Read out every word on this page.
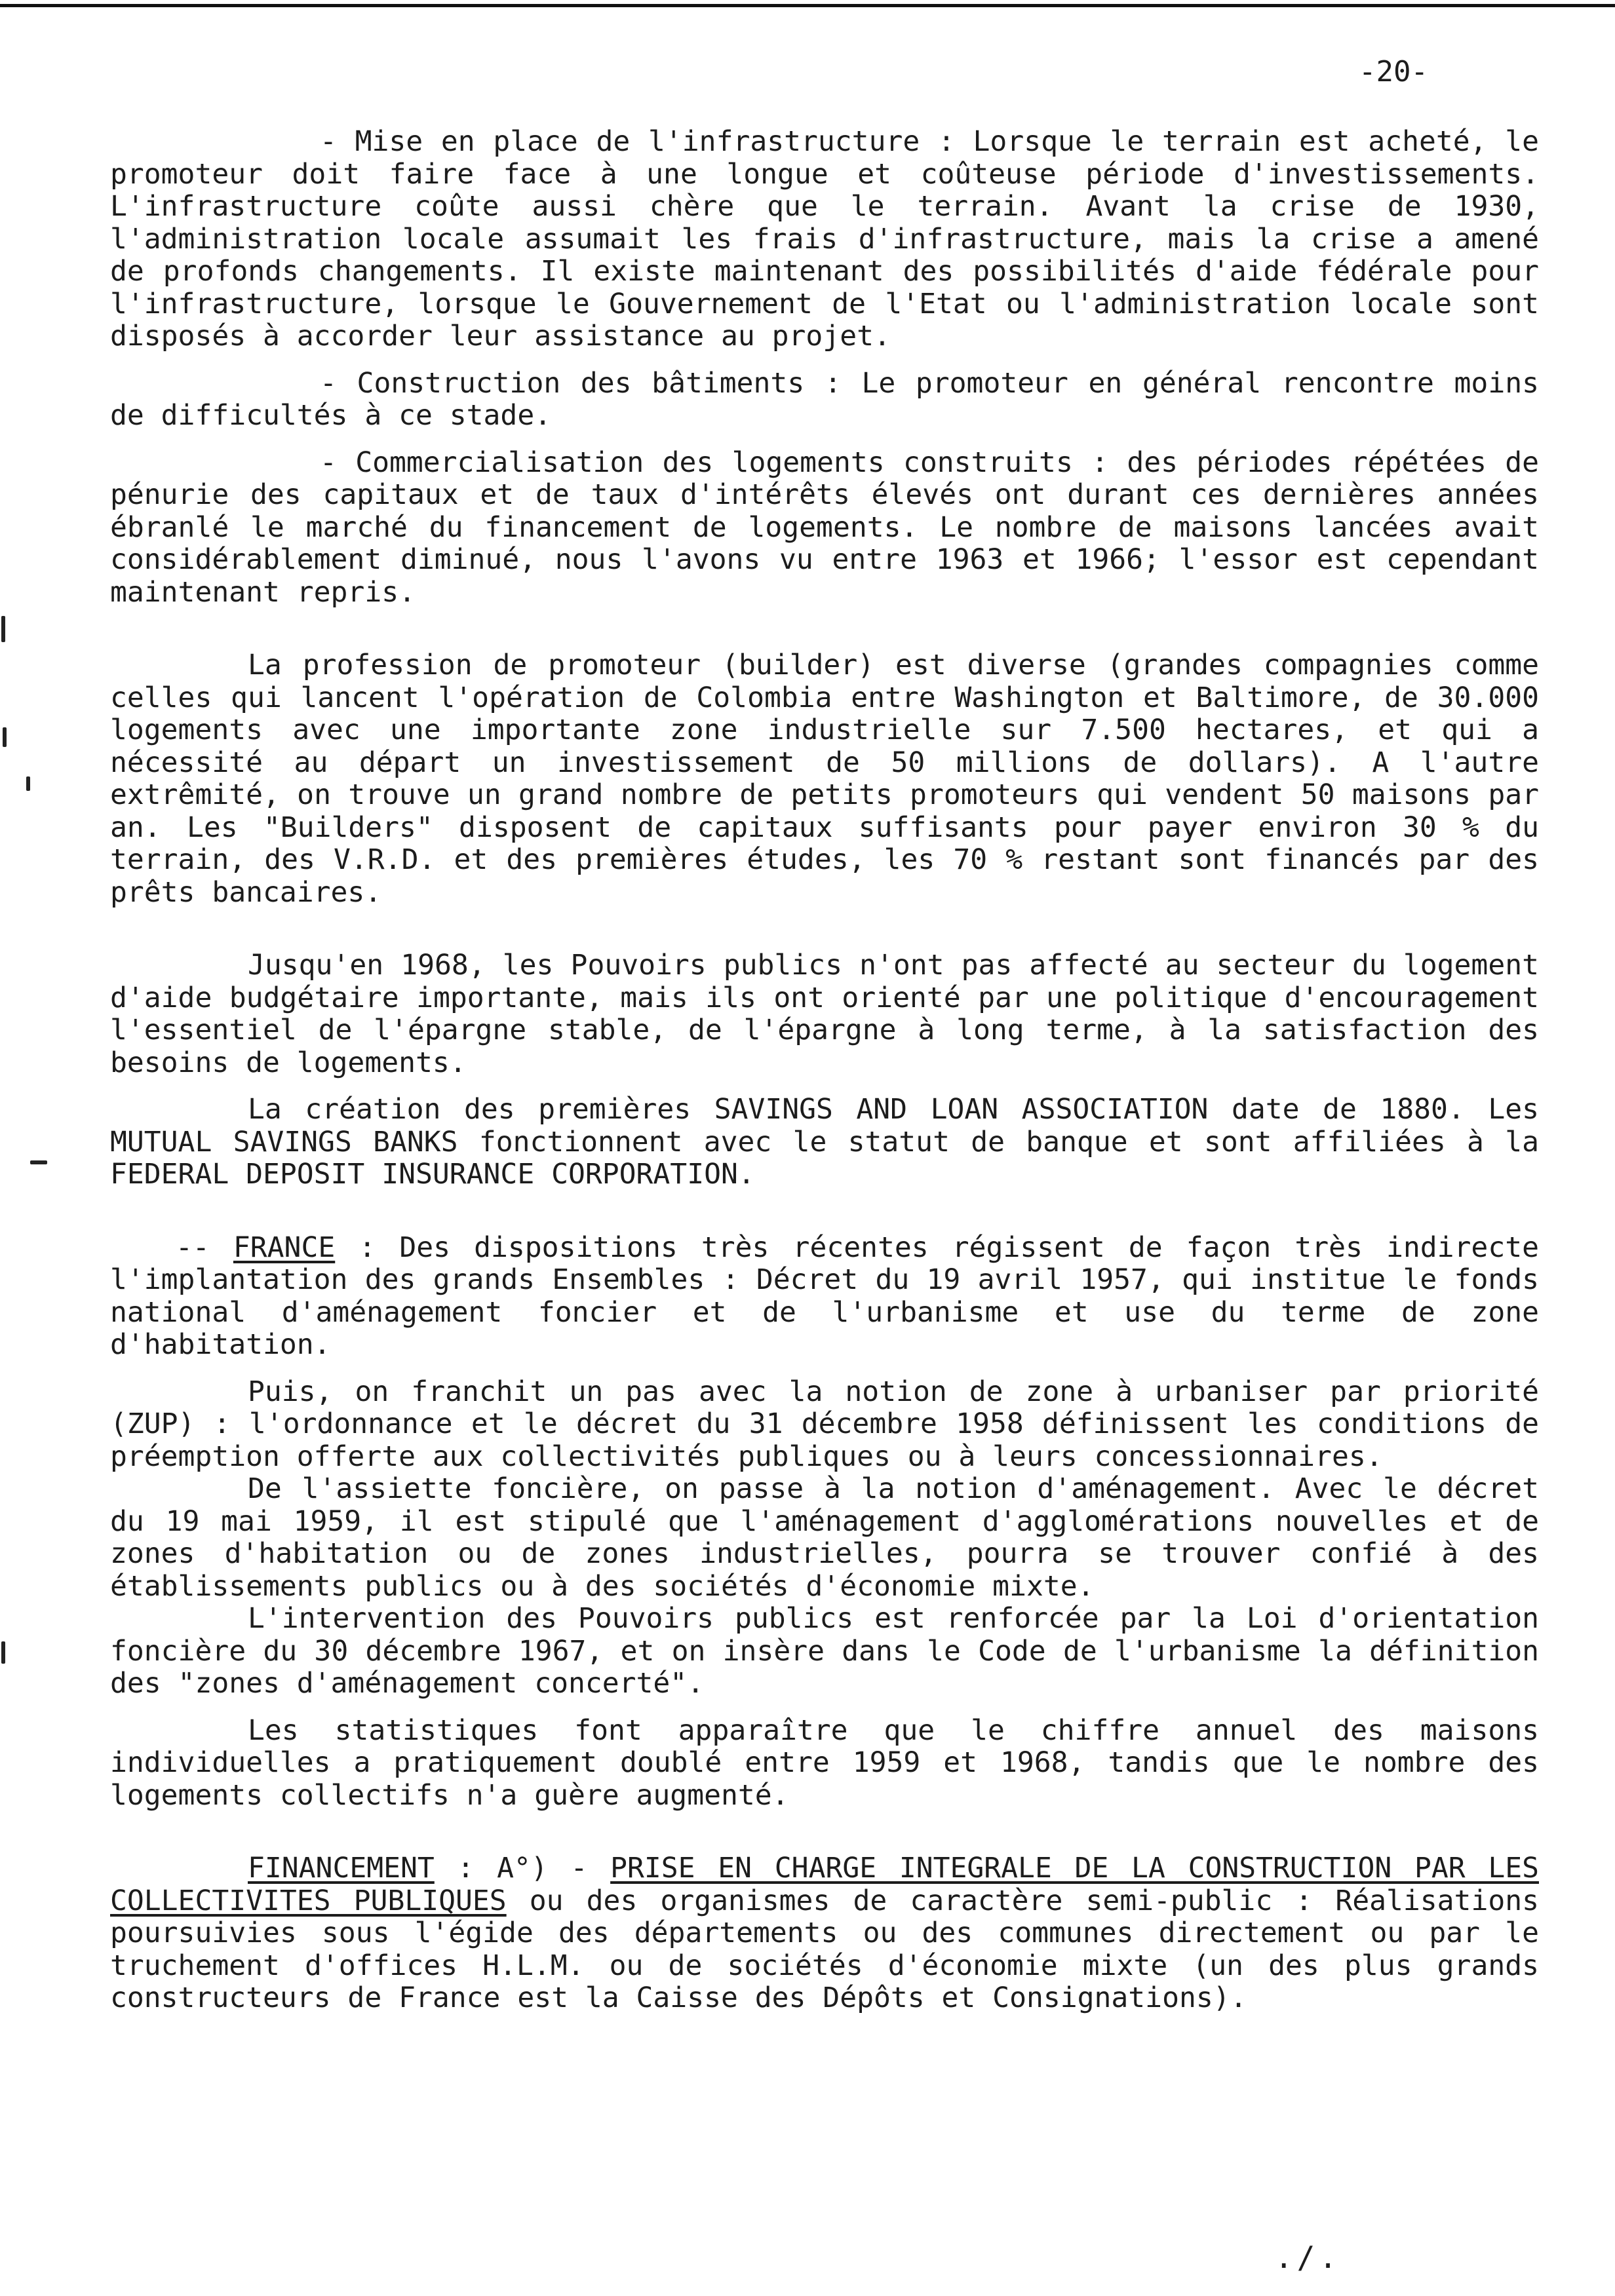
-20-

- Mise en place de l'infrastructure : Lorsque le terrain est acheté, le promoteur doit faire face à une longue et coûteuse période d'investissements. L'infrastructure coûte aussi chère que le terrain. Avant la crise de 1930, l'administration locale assumait les frais d'infrastructure, mais la crise a amené de profonds changements. Il existe maintenant des possibilités d'aide fédérale pour l'infrastructure, lorsque le Gouvernement de l'Etat ou l'administration locale sont disposés à accorder leur assistance au projet.

- Construction des bâtiments : Le promoteur en général rencontre moins de difficultés à ce stade.

- Commercialisation des logements construits : des périodes répétées de pénurie des capitaux et de taux d'intérêts élevés ont durant ces dernières années ébranlé le marché du financement de logements. Le nombre de maisons lancées avait considérablement diminué, nous l'avons vu entre 1963 et 1966; l'essor est cependant maintenant repris.

La profession de promoteur (builder) est diverse (grandes compagnies comme celles qui lancent l'opération de Colombia entre Washington et Baltimore, de 30.000 logements avec une importante zone industrielle sur 7.500 hectares, et qui a nécessité au départ un investissement de 50 millions de dollars). A l'autre extrêmité, on trouve un grand nombre de petits promoteurs qui vendent 50 maisons par an. Les "Builders" disposent de capitaux suffisants pour payer environ 30 % du terrain, des V.R.D. et des premières études, les 70 % restant sont financés par des prêts bancaires.

Jusqu'en 1968, les Pouvoirs publics n'ont pas affecté au secteur du logement d'aide budgétaire importante, mais ils ont orienté par une politique d'encouragement l'essentiel de l'épargne stable, de l'épargne à long terme, à la satisfaction des besoins de logements.

La création des premières SAVINGS AND LOAN ASSOCIATION date de 1880. Les MUTUAL SAVINGS BANKS fonctionnent avec le statut de banque et sont affiliées à la FEDERAL DEPOSIT INSURANCE CORPORATION.

-- FRANCE : Des dispositions très récentes régissent de façon très indirecte l'implantation des grands Ensembles : Décret du 19 avril 1957, qui institue le fonds national d'aménagement foncier et de l'urbanisme et use du terme de zone d'habitation.

Puis, on franchit un pas avec la notion de zone à urbaniser par priorité (ZUP) : l'ordonnance et le décret du 31 décembre 1958 définissent les conditions de préemption offerte aux collectivités publiques ou à leurs concessionnaires.

De l'assiette foncière, on passe à la notion d'aménagement. Avec le décret du 19 mai 1959, il est stipulé que l'aménagement d'agglomérations nouvelles et de zones d'habitation ou de zones industrielles, pourra se trouver confié à des établissements publics ou à des sociétés d'économie mixte.

L'intervention des Pouvoirs publics est renforcée par la Loi d'orientation foncière du 30 décembre 1967, et on insère dans le Code de l'urbanisme la définition des "zones d'aménagement concerté".

Les statistiques font apparaître que le chiffre annuel des maisons individuelles a pratiquement doublé entre 1959 et 1968, tandis que le nombre des logements collectifs n'a guère augmenté.

FINANCEMENT : A°) - PRISE EN CHARGE INTEGRALE DE LA CONSTRUCTION PAR LES COLLECTIVITES PUBLIQUES ou des organismes de caractère semi-public : Réalisations poursuivies sous l'égide des départements ou des communes directement ou par le truchement d'offices H.L.M. ou de sociétés d'économie mixte (un des plus grands constructeurs de France est la Caisse des Dépôts et Consignations).

./.
